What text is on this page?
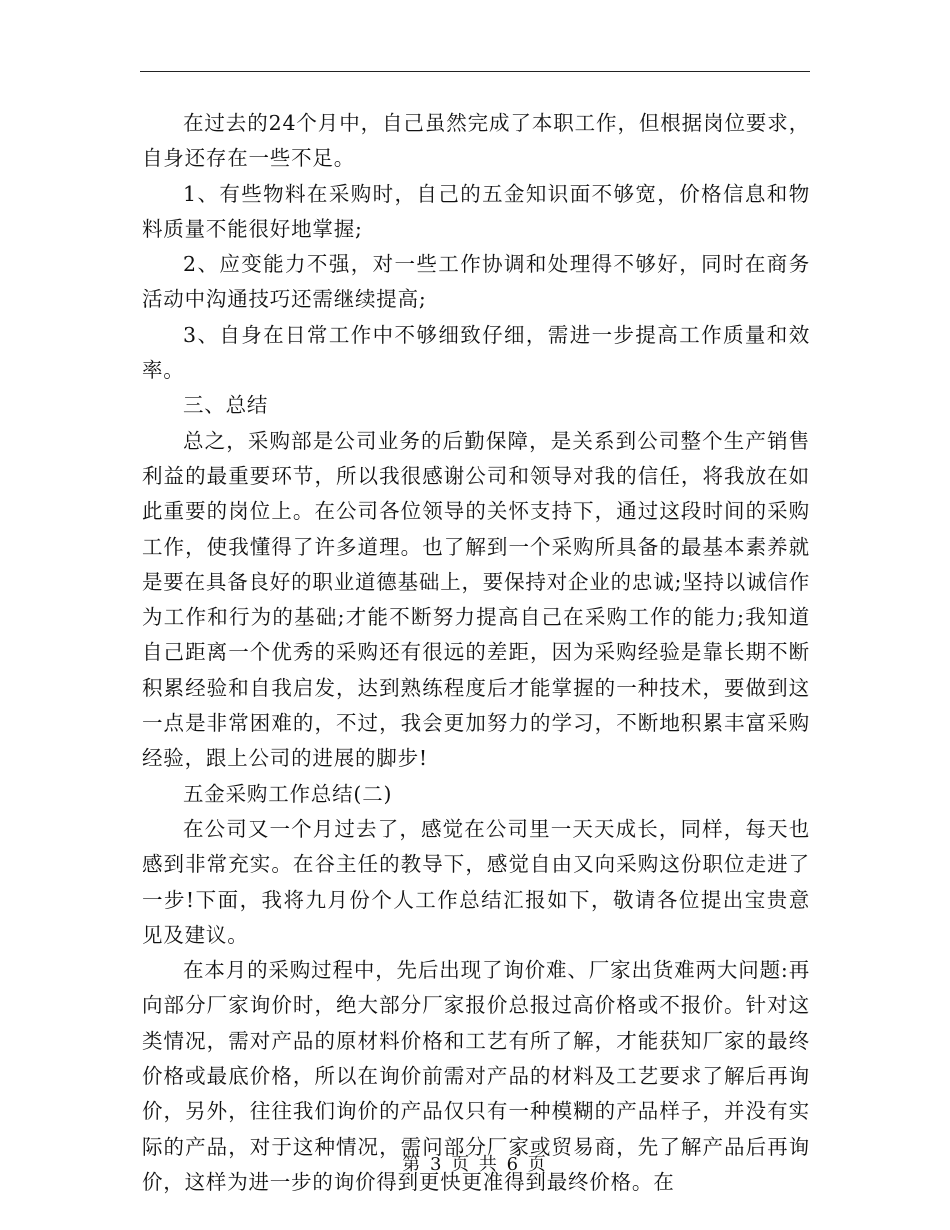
在过去的24个月中，自己虽然完成了本职工作，但根据岗位要求，自身还存在一些不足。

1、有些物料在采购时，自己的五金知识面不够宽，价格信息和物料质量不能很好地掌握;

2、应变能力不强，对一些工作协调和处理得不够好，同时在商务活动中沟通技巧还需继续提高;

3、自身在日常工作中不够细致仔细，需进一步提高工作质量和效率。

三、总结

总之，采购部是公司业务的后勤保障，是关系到公司整个生产销售利益的最重要环节，所以我很感谢公司和领导对我的信任，将我放在如此重要的岗位上。在公司各位领导的关怀支持下，通过这段时间的采购工作，使我懂得了许多道理。也了解到一个采购所具备的最基本素养就是要在具备良好的职业道德基础上，要保持对企业的忠诚;坚持以诚信作为工作和行为的基础;才能不断努力提高自己在采购工作的能力;我知道自己距离一个优秀的采购还有很远的差距，因为采购经验是靠长期不断积累经验和自我启发，达到熟练程度后才能掌握的一种技术，要做到这一点是非常困难的，不过，我会更加努力的学习，不断地积累丰富采购经验，跟上公司的进展的脚步!

五金采购工作总结(二)

在公司又一个月过去了，感觉在公司里一天天成长，同样，每天也感到非常充实。在谷主任的教导下，感觉自由又向采购这份职位走进了一步!下面，我将九月份个人工作总结汇报如下，敬请各位提出宝贵意见及建议。

在本月的采购过程中，先后出现了询价难、厂家出货难两大问题:再向部分厂家询价时，绝大部分厂家报价总报过高价格或不报价。针对这类情况，需对产品的原材料价格和工艺有所了解，才能获知厂家的最终价格或最底价格，所以在询价前需对产品的材料及工艺要求了解后再询价，另外，往往我们询价的产品仅只有一种模糊的产品样子，并没有实际的产品，对于这种情况，需问部分厂家或贸易商，先了解产品后再询价，这样为进一步的询价得到更快更准得到最终价格。在

第 3 页 共 6 页
